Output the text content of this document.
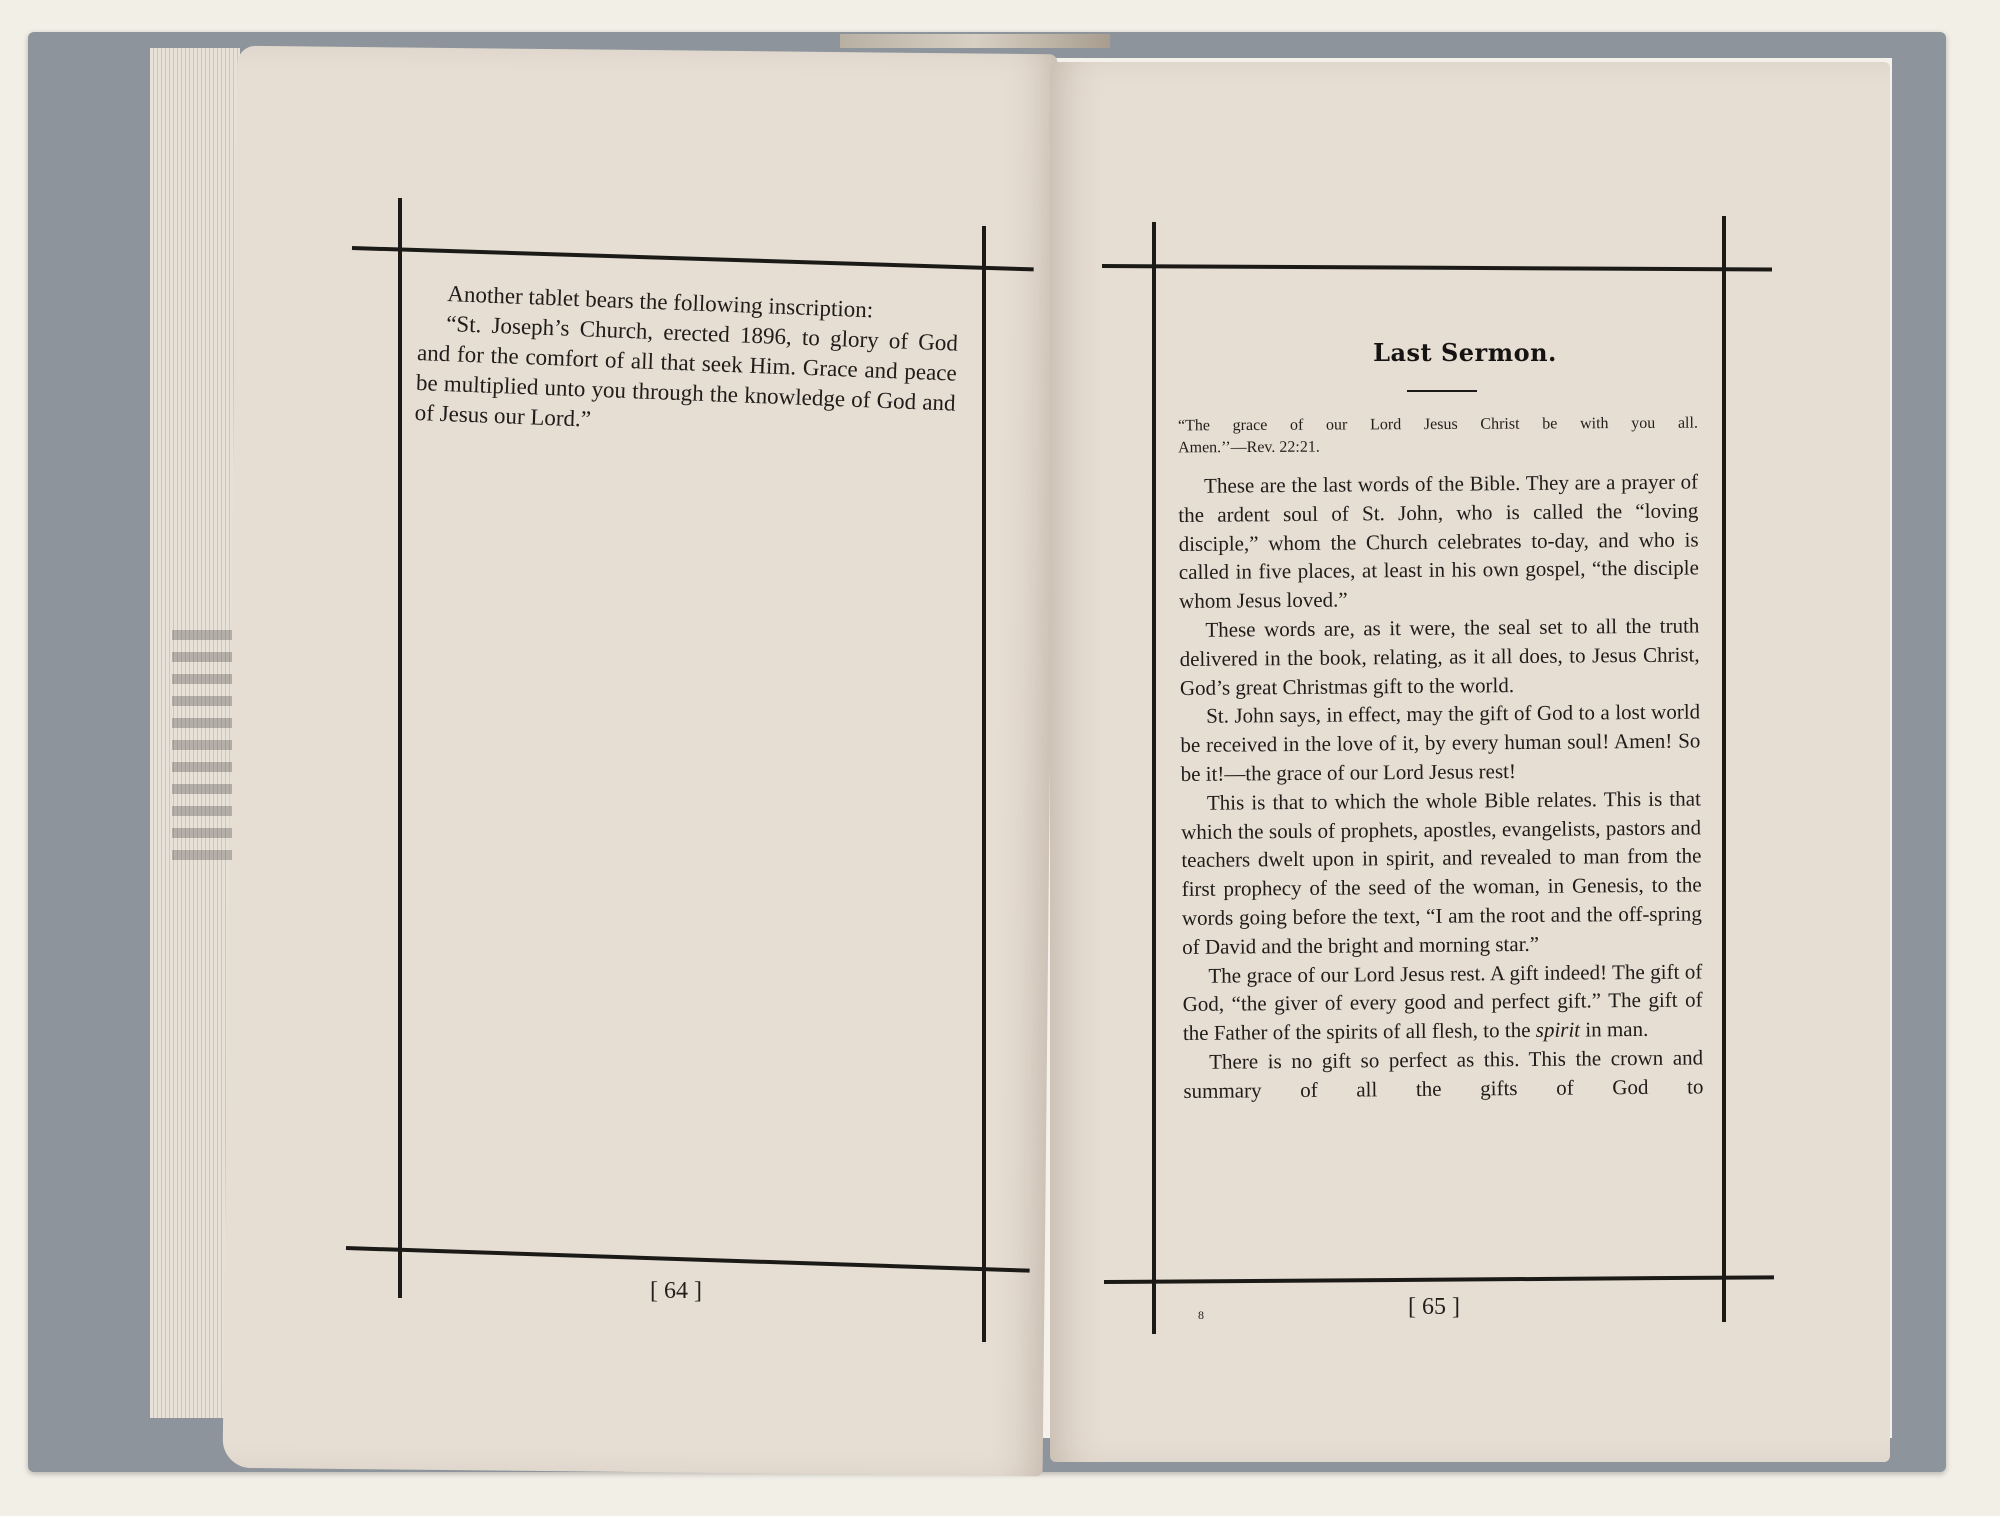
Another tablet bears the following inscription:

“St. Joseph’s Church, erected 1896, to glory of God and for the comfort of all that seek Him. Grace and peace be multiplied unto you through the knowledge of God and of Jesus our Lord.”

[ 64 ]
Last Sermon.
“The grace of our Lord Jesus Christ be with you all.
Amen.’’—Rev. 22:21.

These are the last words of the Bible. They are a prayer of the ardent soul of St. John, who is called the “loving disciple,” whom the Church celebrates to-day, and who is called in five places, at least in his own gospel, “the disciple whom Jesus loved.”

These words are, as it were, the seal set to all the truth delivered in the book, relating, as it all does, to Jesus Christ, God’s great Christmas gift to the world.

St. John says, in effect, may the gift of God to a lost world be received in the love of it, by every human soul! Amen! So be it!—the grace of our Lord Jesus rest!

This is that to which the whole Bible relates. This is that which the souls of prophets, apostles, evangelists, pastors and teachers dwelt upon in spirit, and revealed to man from the first prophecy of the seed of the woman, in Genesis, to the words going before the text, “I am the root and the off-spring of David and the bright and morning star.”

The grace of our Lord Jesus rest. A gift indeed! The gift of God, “the giver of every good and perfect gift.” The gift of the Father of the spirits of all flesh, to the spirit in man.

There is no gift so perfect as this. This the crown and summary of all the gifts of God to

8	[ 65 ]
